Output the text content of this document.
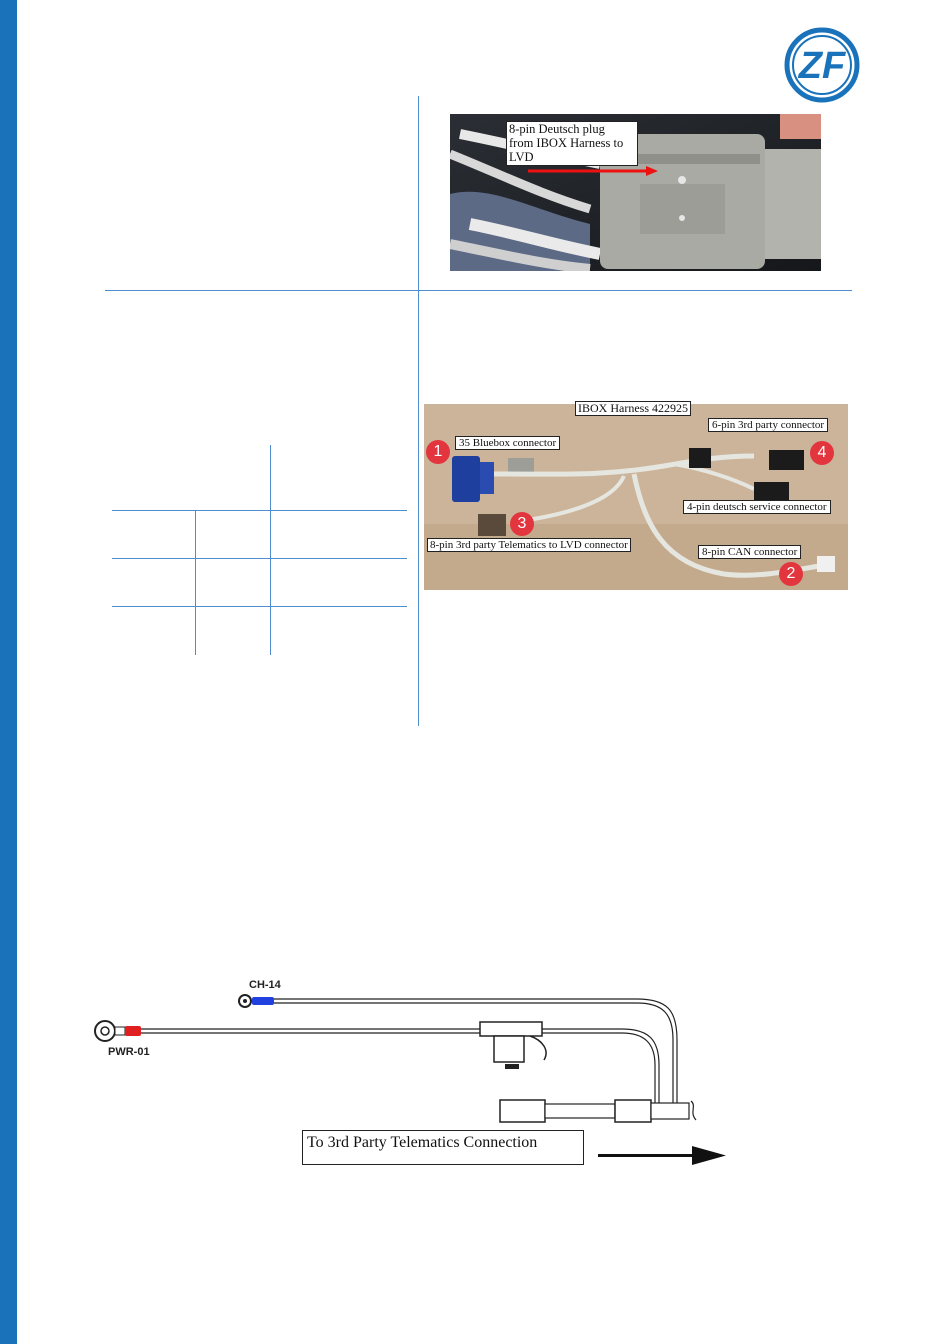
ZF
8-pin Deutsch plug
from IBOX Harness to
LVD
IBOX Harness 422925
35 Bluebox connector
6-pin 3rd party connector
4-pin deutsch service connector
8-pin 3rd party Telematics to LVD connector
8-pin CAN connector
1
2
3
4
CH-14
PWR-01
To 3rd Party Telematics Connection
